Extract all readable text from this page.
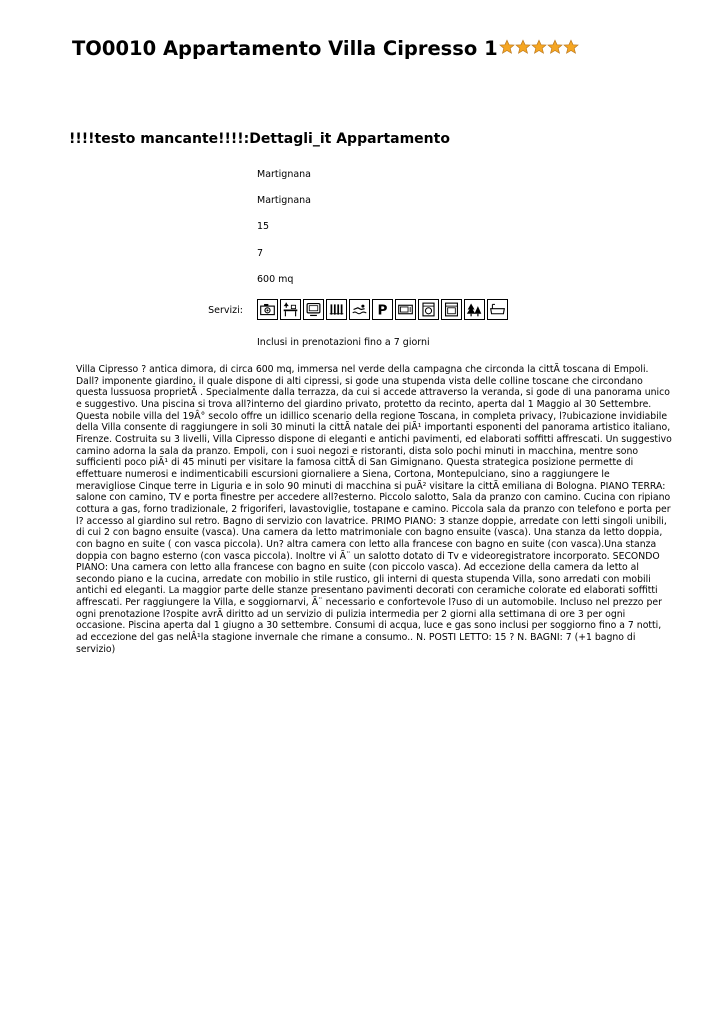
TO0010 Appartamento Villa Cipresso 1
!!!!testo mancante!!!!:Dettagli_it Appartamento
Martignana
Martignana
15
7
600 mq
Servizi:	P
Inclusi in prenotazioni fino a 7 giorni

Villa Cipresso ? antica dimora, di circa 600 mq, immersa nel verde della campagna che circonda la cittÃ toscana di Empoli. Dall? imponente giardino, il quale dispone di alti cipressi, si gode una stupenda vista delle colline toscane che circondano questa lussuosa proprietÃ . Specialmente dalla terrazza, da cui si accede attraverso la veranda, si gode di una panorama unico e suggestivo. Una piscina si trova all?interno del giardino privato, protetto da recinto, aperta dal 1 Maggio al 30 Settembre. Questa nobile villa del 19Â° secolo offre un idillico scenario della regione Toscana, in completa privacy, l?ubicazione invidiabile della Villa consente di raggiungere in soli 30 minuti la cittÃ natale dei piÃ¹ importanti esponenti del panorama artistico italiano, Firenze. Costruita su 3 livelli, Villa Cipresso dispone di eleganti e antichi pavimenti, ed elaborati soffitti affrescati. Un suggestivo camino adorna la sala da pranzo. Empoli, con i suoi negozi e ristoranti, dista solo pochi minuti in macchina, mentre sono sufficienti poco piÃ¹ di 45 minuti per visitare la famosa cittÃ di San Gimignano. Questa strategica posizione permette di effettuare numerosi e indimenticabili escursioni giornaliere a Siena, Cortona, Montepulciano, sino a raggiungere le meravigliose Cinque terre in Liguria e in solo 90 minuti di macchina si puÃ² visitare la cittÃ emiliana di Bologna. PIANO TERRA: salone con camino, TV e porta finestre per accedere all?esterno. Piccolo salotto, Sala da pranzo con camino. Cucina con ripiano cottura a gas, forno tradizionale, 2 frigoriferi, lavastoviglie, tostapane e camino. Piccola sala da pranzo con telefono e porta per l? accesso al giardino sul retro. Bagno di servizio con lavatrice. PRIMO PIANO: 3 stanze doppie, arredate con letti singoli unibili, di cui 2 con bagno ensuite (vasca). Una camera da letto matrimoniale con bagno ensuite (vasca). Una stanza da letto doppia, con bagno en suite ( con vasca piccola). Un? altra camera con letto alla francese con bagno en suite (con vasca).Una stanza doppia con bagno esterno (con vasca piccola). Inoltre vi Ã¨ un salotto dotato di Tv e videoregistratore incorporato. SECONDO PIANO: Una camera con letto alla francese con bagno en suite (con piccolo vasca). Ad eccezione della camera da letto al secondo piano e la cucina, arredate con mobilio in stile rustico, gli interni di questa stupenda Villa, sono arredati con mobili antichi ed eleganti. La maggior parte delle stanze presentano pavimenti decorati con ceramiche colorate ed elaborati soffitti affrescati. Per raggiungere la Villa, e soggiornarvi, Ã¨ necessario e confortevole l?uso di un automobile. Incluso nel prezzo per ogni prenotazione l?ospite avrÃ diritto ad un servizio di pulizia intermedia per 2 giorni alla settimana di ore 3 per ogni occasione. Piscina aperta dal 1 giugno a 30 settembre. Consumi di acqua, luce e gas sono inclusi per soggiorno fino a 7 notti, ad eccezione del gas nelÂ¹la stagione invernale che rimane a consumo.. N. POSTI LETTO: 15 ? N. BAGNI: 7 (+1 bagno di servizio)
